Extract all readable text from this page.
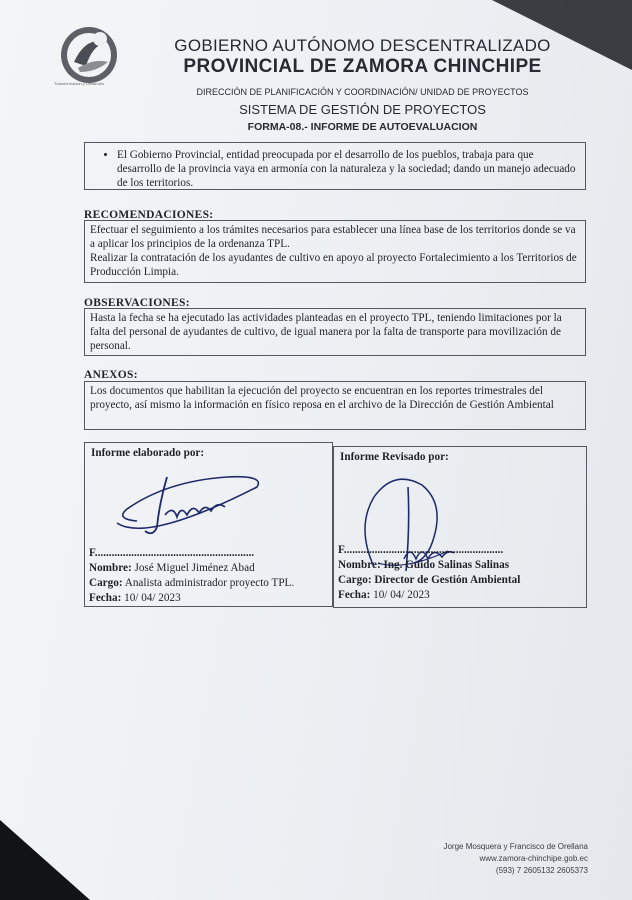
Transformacion y Desarrollo
GOBIERNO AUTÓNOMO DESCENTRALIZADO
PROVINCIAL DE ZAMORA CHINCHIPE
DIRECCIÓN DE PLANIFICACIÓN Y COORDINACIÓN/ UNIDAD DE PROYECTOS
SISTEMA DE GESTIÓN DE PROYECTOS
FORMA-08.- INFORME DE AUTOEVALUACION
• El Gobierno Provincial, entidad preocupada por el desarrollo de los pueblos, trabaja para que desarrollo de la provincia vaya en armonía con la naturaleza y la sociedad; dando un manejo adecuado de los territorios.
RECOMENDACIONES:

Efectuar el seguimiento a los trámites necesarios para establecer una línea base de los territorios donde se va a aplicar los principios de la ordenanza TPL.

Realizar la contratación de los ayudantes de cultivo en apoyo al proyecto Fortalecimiento a los Territorios de Producción Limpia.

OBSERVACIONES:

Hasta la fecha se ha ejecutado las actividades planteadas en el proyecto TPL, teniendo limitaciones por la falta del personal de ayudantes de cultivo, de igual manera por la falta de transporte para movilización de personal.

ANEXOS:

Los documentos que habilitan la ejecución del proyecto se encuentran en los reportes trimestrales del proyecto, así mismo la información en físico reposa en el archivo de la Dirección de Gestión Ambiental

Informe elaborado por:
F.........................................................
Nombre: José Miguel Jiménez Abad
Cargo: Analista administrador proyecto TPL.
Fecha: 10/ 04/ 2023
Informe Revisado por:
F.........................................................
Nombre: Ing. Guido Salinas Salinas
Cargo: Director de Gestión Ambiental
Fecha: 10/ 04/ 2023
Jorge Mosquera y Francisco de Orellana
www.zamora-chinchipe.gob.ec
(593) 7 2605132 2605373
